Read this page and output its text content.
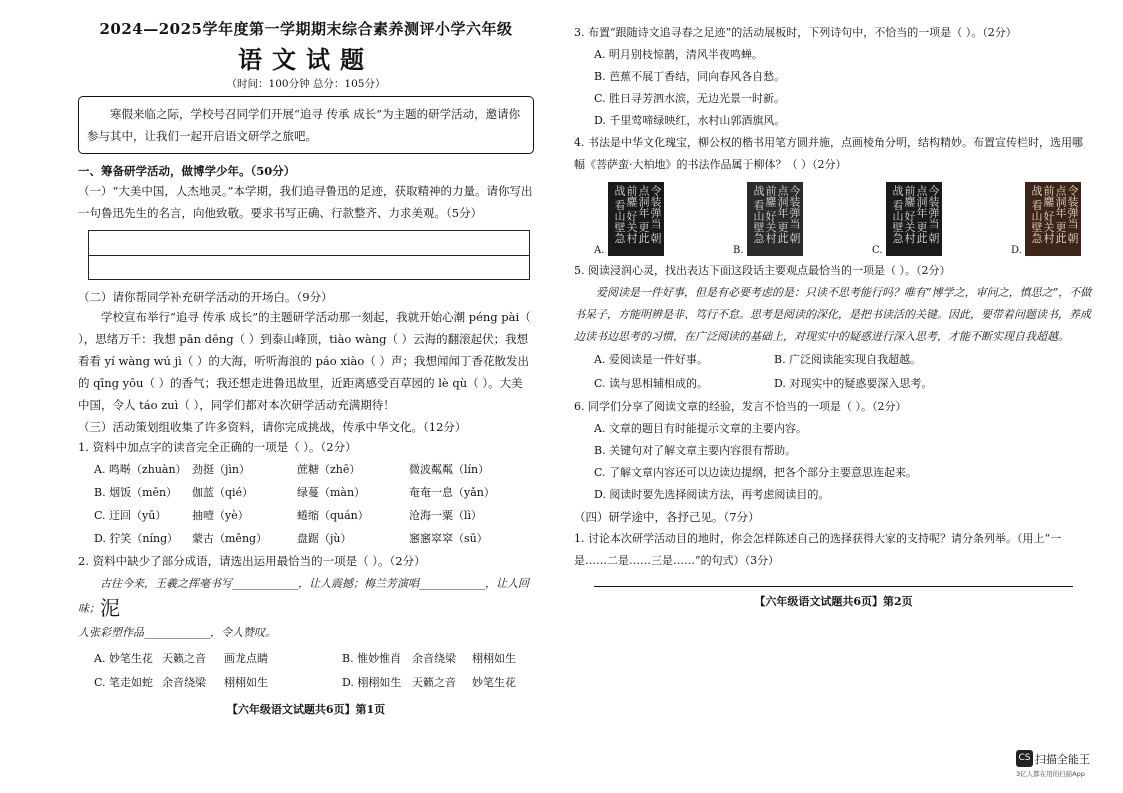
2024—2025学年度第一学期期末综合素养测评小学六年级

语文试题

（时间：100分钟 总分：105分）

寒假来临之际，学校号召同学们开展“追寻 传承 成长”为主题的研学活动，邀请你参与其中，让我们一起开启语文研学之旅吧。

一、筹备研学活动，做博学少年。（50分）

（一）“大美中国，人杰地灵。”本学期，我们追寻鲁迅的足迹，获取精神的力量。请你写出一句鲁迅先生的名言，向他致敬。要求书写正确、行款整齐、力求美观。（5分）

（二）请你帮同学补充研学活动的开场白。（9分）

学校宣布举行“追寻 传承 成长”的主题研学活动那一刻起，我就开始心潮 péng pài（ ），思绪万千：我想 pān dēng（ ）到泰山峰顶，tiào wàng（ ）云海的翻滚起伏；我想看看 yí wàng wú jì（ ）的大海，听听海浪的 páo xiào（ ）声；我想闻闻丁香花散发出的 qīng yōu（ ）的香气；我还想走进鲁迅故里，近距离感受百草园的 lè qù（ ）。大美中国，令人 táo zuì（ ），同学们都对本次研学活动充满期待！

（三）活动策划组收集了许多资料，请你完成挑战，传承中华文化。（12分）

1. 资料中加点字的读音完全正确的一项是（ ）。（2分）

A. 鸣啭（zhuàn） 劲挺（jìn）	蔗糖（zhē）	微波粼粼（lín）
B. 烟饭（mēn）	伽蓝（qié）	绿蔓（màn）	奄奄一息（yǎn）
C. 迂回（yū）	抽噎（yè）	蜷缩（quán）	沧海一粟（lì）
D. 狞笑（níng）	蒙古（měng）	盘踞（jù）	窸窸窣窣（sū）

2. 资料中缺少了部分成语，请选出运用最恰当的一项是（ ）。（2分）

古往今来，王羲之挥毫书写____________，让人震撼；梅兰芳演唱____________，让人回味；泥

人张彩塑作品____________，令人赞叹。

A. 妙笔生花 天籁之音	画龙点睛	B. 惟妙惟肖 余音绕梁	栩栩如生
C. 笔走如蛇 余音绕梁	栩栩如生	D. 栩栩如生 天籁之音	妙笔生花

【六年级语文试题共6页】第1页

3. 布置“跟随诗文追寻春之足迹”的活动展板时，下列诗句中，不恰当的一项是（ ）。（2分）

A. 明月别枝惊鹊，清风半夜鸣蝉。

B. 芭蕉不展丁香结，同向春风各自愁。

C. 胜日寻芳泗水滨，无边光景一时新。

D. 千里莺啼绿映红，水村山郭酒旗风。

4. 书法是中华文化瑰宝，柳公权的楷书用笔方圆并施，点画棱角分明，结构精妙。布置宣传栏时，选用哪幅《菩萨蛮·大柏地》的书法作品属于柳体？（ ）（2分）

A.
令装弹当 朝点洞年 更此前鏖 好关村战 看山壁急
B.
今装弹当 朝点洞年 更此前鏖 好关村战 看山壁急
C.
今装弹当 朝点洞年 更此前鏖 好关村战 看山壁急
D.
令装弹当 朝点洞年 更此前鏖 好关村战 看山壁急

5. 阅读浸润心灵，找出表达下面这段话主要观点最恰当的一项是（ ）。（2分）

爱阅读是一件好事，但是有必要考虑的是：只读不思考能行吗？唯有“博学之，审问之，慎思之”，不做书呆子，方能明辨是非、笃行不怠。思考是阅读的深化，是把书读活的关键。因此，要带着问题读书，养成边读书边思考的习惯，在广泛阅读的基础上，对现实中的疑惑进行深入思考，才能不断实现自我超越。

A. 爱阅读是一件好事。	B. 广泛阅读能实现自我超越。
C. 读与思相辅相成的。	D. 对现实中的疑惑要深入思考。

6. 同学们分享了阅读文章的经验，发言不恰当的一项是（ ）。（2分）

A. 文章的题目有时能提示文章的主要内容。

B. 关键句对了解文章主要内容很有帮助。

C. 了解文章内容还可以边读边提纲，把各个部分主要意思连起来。

D. 阅读时要先选择阅读方法，再考虑阅读目的。

（四）研学途中，各抒己见。（7分）

1. 讨论本次研学活动目的地时，你会怎样陈述自己的选择获得大家的支持呢？请分条列举。（用上“一是……二是……三是……”的句式）（3分）

【六年级语文试题共6页】第2页

CS 扫描全能王
3亿人都在用的扫描App
